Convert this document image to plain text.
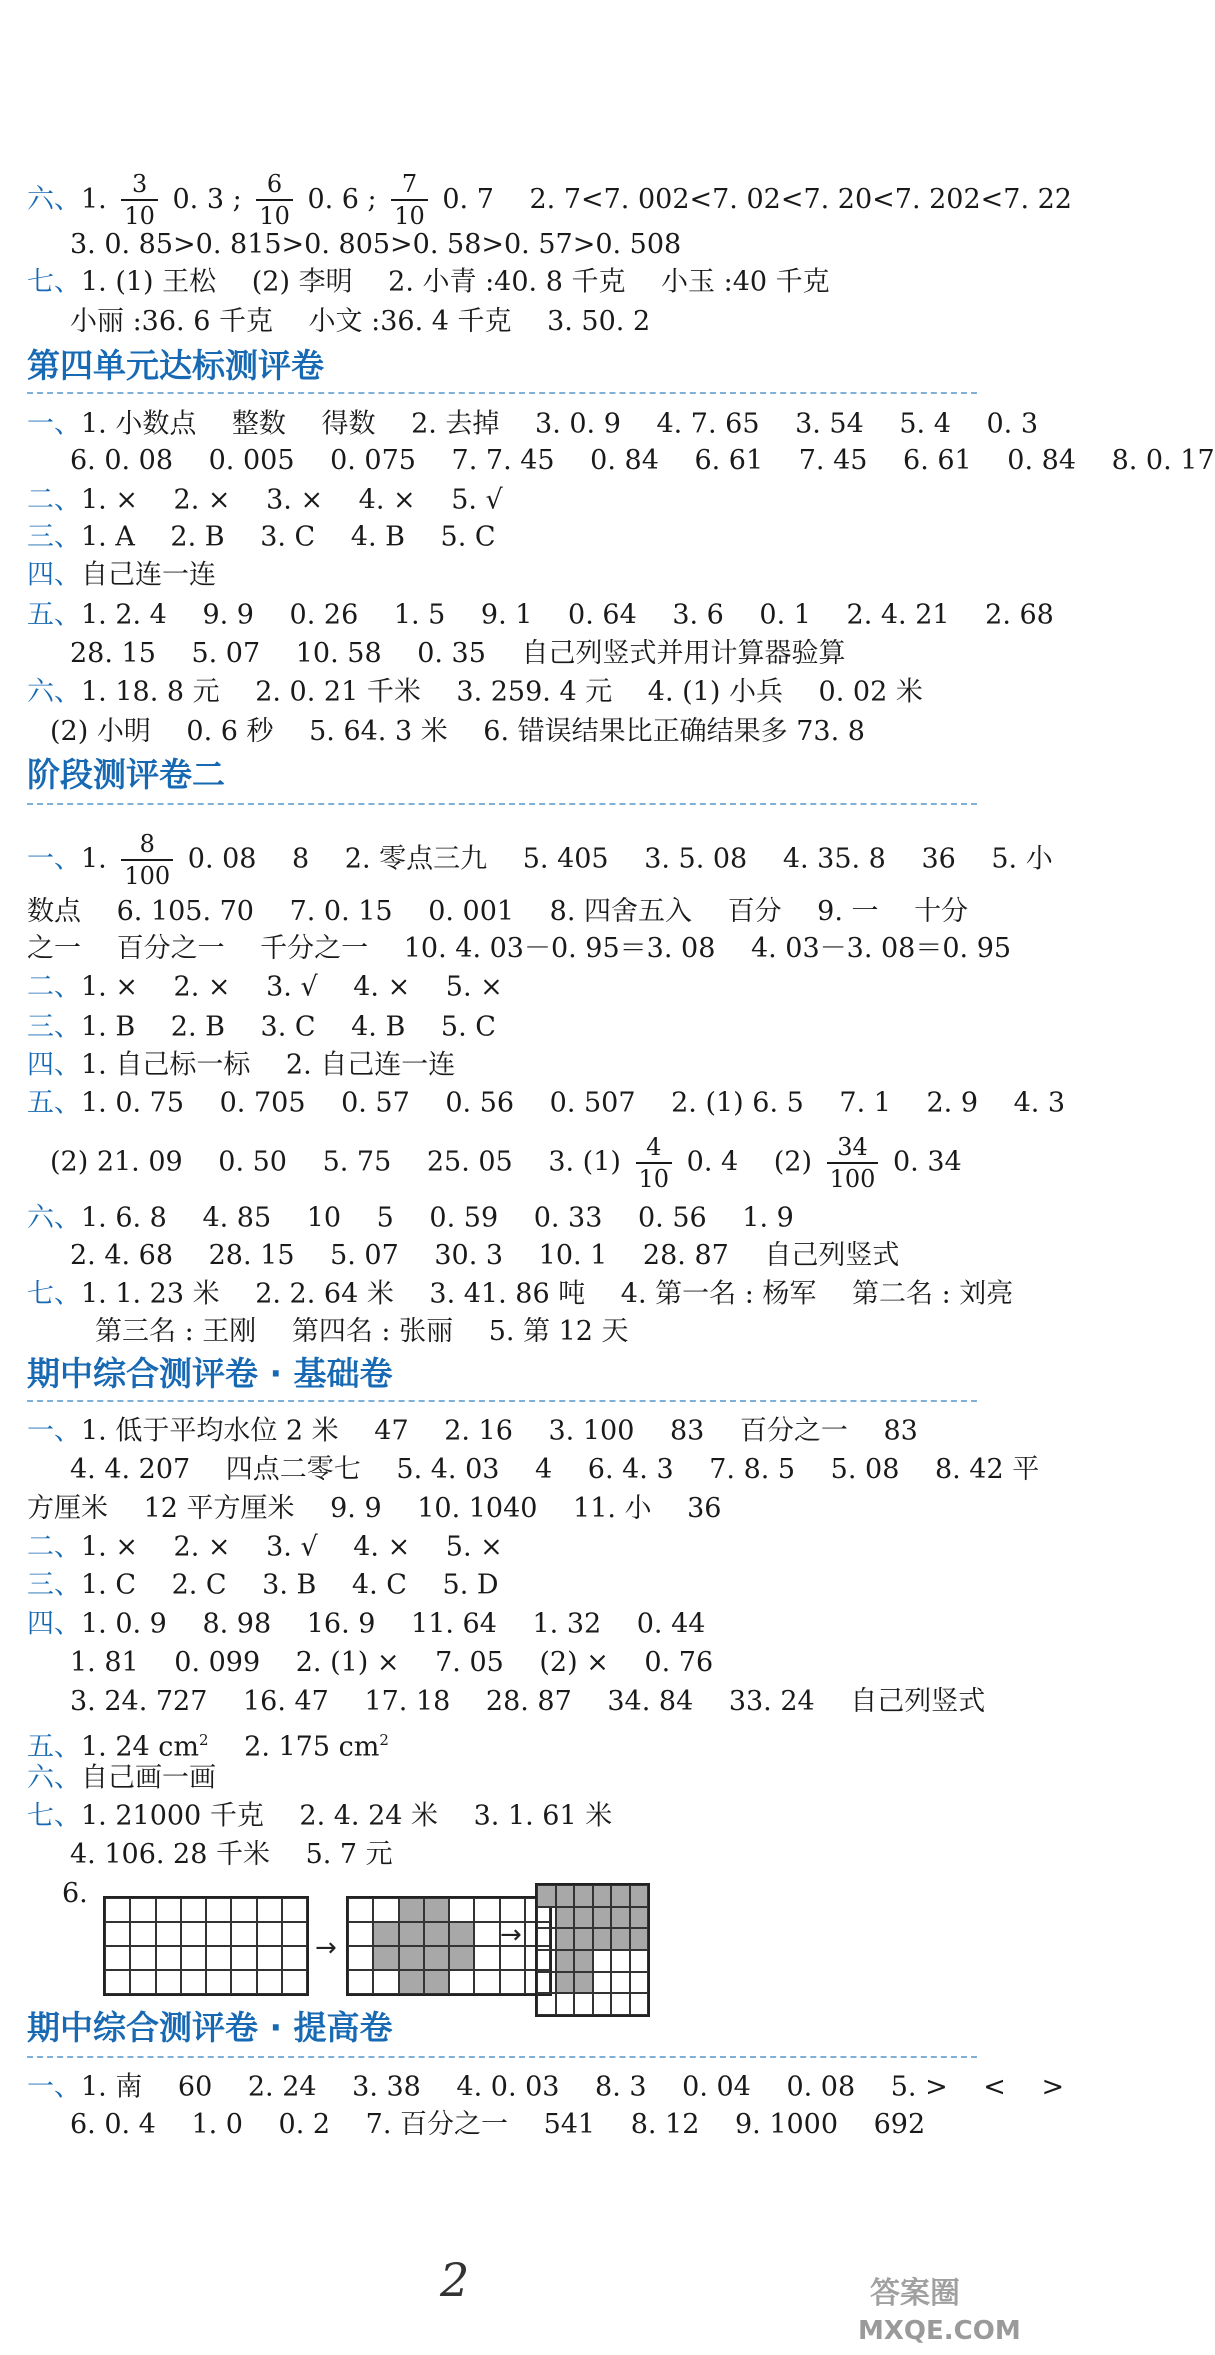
六、1. $\frac{3}{10} 0$. 3 ; $\frac{6}{10} 0$. 6 ; $\frac{7}{10} 0$. 7　 2. 7<7. 002<7. 02<7. 20<7. 202<7. 22
3. 0. 85>0. 815>0. 805>0. 58>0. 57>0. 508
七、1. (1) 王松　 (2) 李明　 2. 小青 :40. 8 千克　 小玉 :40 千克
小丽 :36. 6 千克　 小文 :36. 4 千克　 3. 50. 2
第四单元达标测评卷
一、1. 小数点　 整数　 得数　 2. 去掉　 3. 0. 9　 4. 7. 65　 3. 54　 5. 4　 0. 3
6. 0. 08　 0. 005　 0. 075　 7. 7. 45　 0. 84　 6. 61　 7. 45　 6. 61　 0. 84　 8. 0. 17
二、1. ×　 2. ×　 3. ×　 4. ×　 5. √
三、1. A　 2. B　 3. C　 4. B　 5. C
四、自己连一连
五、1. 2. 4　 9. 9　 0. 26　 1. 5　 9. 1　 0. 64　 3. 6　 0. 1　 2. 4. 21　 2. 68
28. 15　 5. 07　 10. 58　 0. 35　 自己列竖式并用计算器验算
六、1. 18. 8 元　 2. 0. 21 千米　 3. 259. 4 元　 4. (1) 小兵　 0. 02 米
(2) 小明　 0. 6 秒　 5. 64. 3 米　 6. 错误结果比正确结果多 73. 8
阶段测评卷二
一、1. $\frac{8}{100} 0$. 08　 8　 2. 零点三九　 5. 405　 3. 5. 08　 4. 35. 8　 36　 5. 小
数点　 6. 105. 70　 7. 0. 15　 0. 001　 8. 四舍五入　 百分　 9. 一　 十分
之一　 百分之一　 千分之一　 10. 4. 03－0. 95＝3. 08　 4. 03－3. 08＝0. 95
二、1. ×　 2. ×　 3. √　 4. ×　 5. ×
三、1. B　 2. B　 3. C　 4. B　 5. C
四、1. 自己标一标　 2. 自己连一连
五、1. 0. 75　 0. 705　 0. 57　 0. 56　 0. 507　 2. (1) 6. 5　 7. 1　 2. 9　 4. 3
(2) 21. 09　 0. 50　 5. 75　 25. 05　 3. $(1) \frac{4}{10} 0$. 4　 $(2) \frac{34}{100} 0$. 34
六、1. 6. 8　 4. 85　 10　 5　 0. 59　 0. 33　 0. 56　 1. 9
2. 4. 68　 28. 15　 5. 07　 30. 3　 10. 1　 28. 87　 自己列竖式
七、1. 1. 23 米　 2. 2. 64 米　 3. 41. 86 吨　 4. 第一名 : 杨军　 第二名 : 刘亮
第三名 : 王刚　 第四名 : 张丽　 5. 第 12 天
期中综合测评卷 · 基础卷
一、1. 低于平均水位 2 米　 47　 2. 16　 3. 100　 83　 百分之一　 83
4. 4. 207　 四点二零七　 5. 4. 03　 4　 6. 4. 3　 7. 8. 5　 5. 08　 8. 42 平
方厘米　 12 平方厘米　 9. 9　 10. 1040　 11. 小　 36
二、1. ×　 2. ×　 3. √　 4. ×　 5. ×
三、1. C　 2. C　 3. B　 4. C　 5. D
四、1. 0. 9　 8. 98　 16. 9　 11. 64　 1. 32　 0. 44
1. 81　 0. 099　 2. (1) ×　 7. 05　 (2) ×　 0. 76
3. 24. 727　 16. 47　 17. 18　 28. 87　 34. 84　 33. 24　 自己列竖式
五、1. 24 $cm^2$　 2. 175 $cm^2$
六、自己画一画
七、1. 21000 千克　 2. 4. 24 米　 3. 1. 61 米
4. 106. 28 千米　 5. 7 元
6.
→	→
期中综合测评卷 · 提高卷
一、1. 南　 60　 2. 24　 3. 38　 4. 0. 03　 8. 3　 0. 04　 0. 08　 5. >　 <　 >
6. 0. 4　 1. 0　 0. 2　 7. 百分之一　 541　 8. 12　 9. 1000　 692
2	答案圈
MXQE.COM
